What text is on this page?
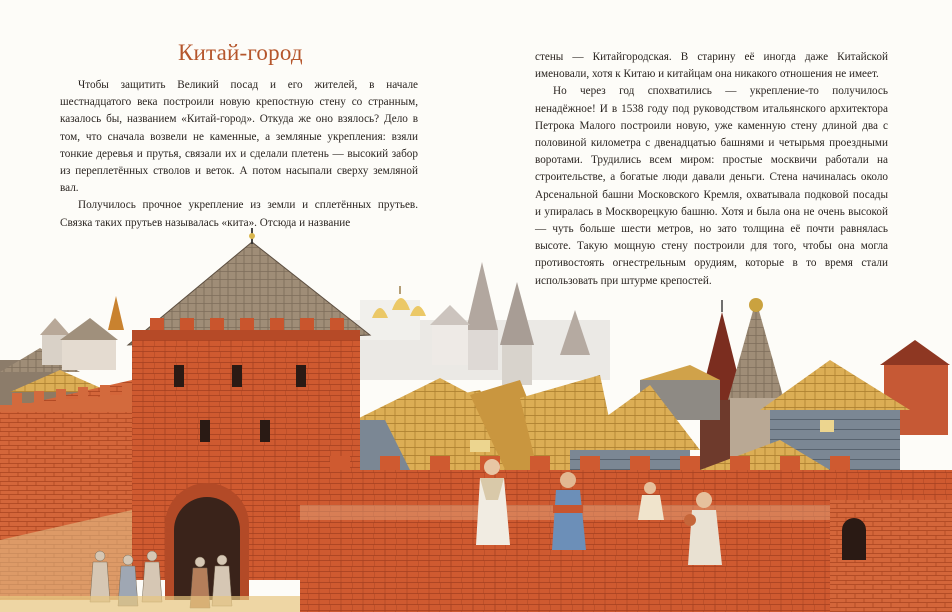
Китай-город

Чтобы защитить Великий посад и его жителей, в начале шестнадцатого века построили новую крепостную стену со странным, казалось бы, названием «Китай-город». Откуда же оно взялось? Дело в том, что сначала возвели не каменные, а земляные укрепления: взяли тонкие деревья и прутья, связали их и сделали плетень — высокий забор из переплетённых стволов и веток. А потом насыпали сверху земляной вал.

Получилось прочное укрепление из земли и сплетённых прутьев. Связка таких прутьев называлась «кита». Отсюда и название

стены — Китайгородская. В старину её иногда даже Китайской именовали, хотя к Китаю и китайцам она никакого отношения не имеет.

Но через год спохватились — укрепление-то получилось ненадёжное! И в 1538 году под руководством итальянского архитектора Петрока Малого построили новую, уже каменную стену длиной два с половиной километра с двенадцатью башнями и четырьмя проездными воротами. Трудились всем миром: простые москвичи работали на строительстве, а богатые люди давали деньги. Стена начиналась около Арсенальной башни Московского Кремля, охватывала подковой посады и упиралась в Москворецкую башню. Хотя и была она не очень высокой — чуть больше шести метров, но зато толщина её почти равнялась высоте. Такую мощную стену построили для того, чтобы она могла противостоять огнестрельным орудиям, которые в то время стали использовать при штурме крепостей.
